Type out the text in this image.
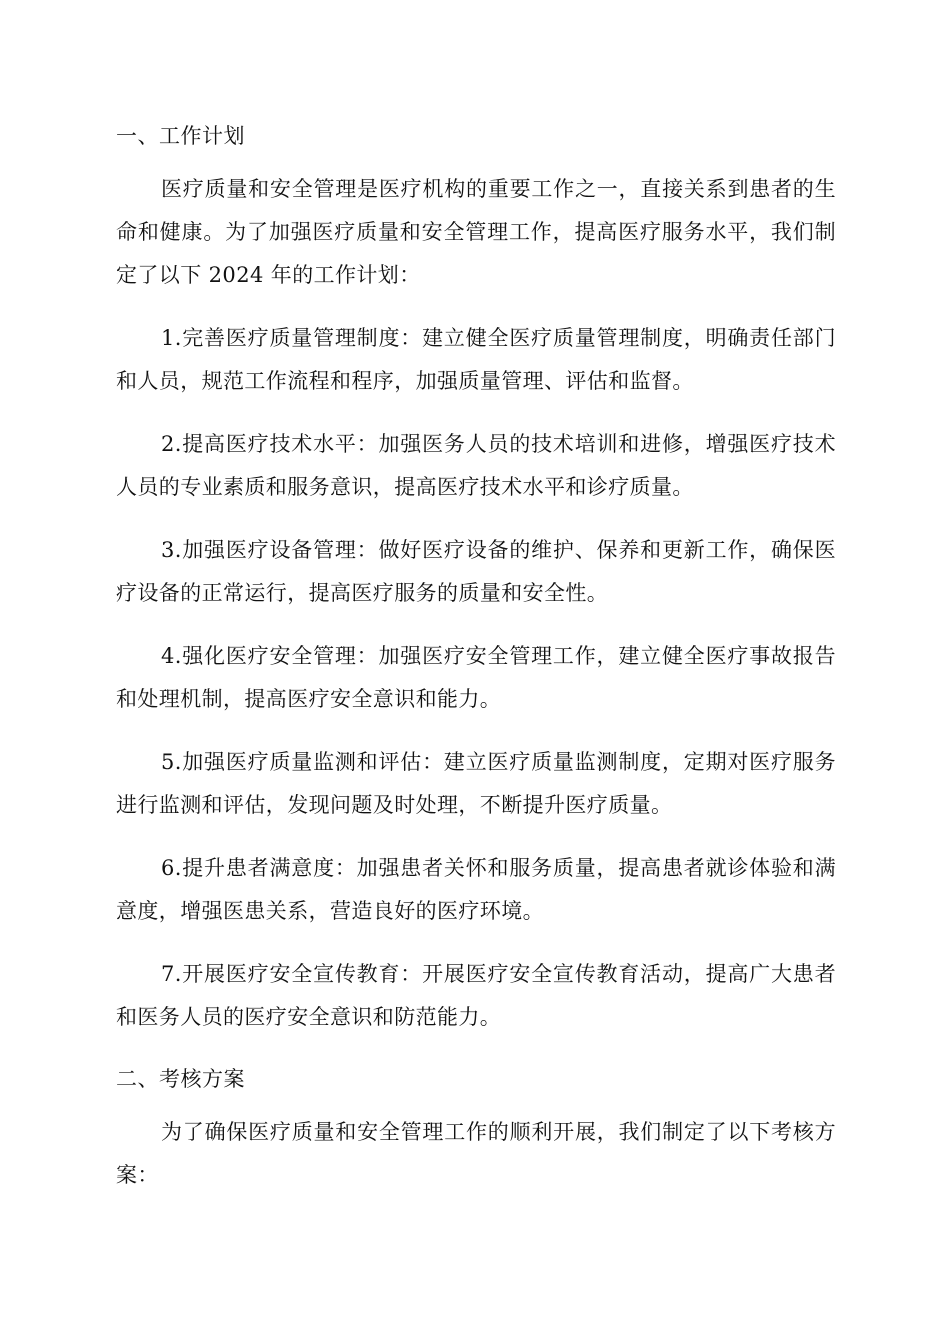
一、工作计划

医疗质量和安全管理是医疗机构的重要工作之一，直接关系到患者的生命和健康。为了加强医疗质量和安全管理工作，提高医疗服务水平，我们制定了以下 2024 年的工作计划：

1.完善医疗质量管理制度：建立健全医疗质量管理制度，明确责任部门和人员，规范工作流程和程序，加强质量管理、评估和监督。

2.提高医疗技术水平：加强医务人员的技术培训和进修，增强医疗技术人员的专业素质和服务意识，提高医疗技术水平和诊疗质量。

3.加强医疗设备管理：做好医疗设备的维护、保养和更新工作，确保医疗设备的正常运行，提高医疗服务的质量和安全性。

4.强化医疗安全管理：加强医疗安全管理工作，建立健全医疗事故报告和处理机制，提高医疗安全意识和能力。

5.加强医疗质量监测和评估：建立医疗质量监测制度，定期对医疗服务进行监测和评估，发现问题及时处理，不断提升医疗质量。

6.提升患者满意度：加强患者关怀和服务质量，提高患者就诊体验和满意度，增强医患关系，营造良好的医疗环境。

7.开展医疗安全宣传教育：开展医疗安全宣传教育活动，提高广大患者和医务人员的医疗安全意识和防范能力。

二、考核方案

为了确保医疗质量和安全管理工作的顺利开展，我们制定了以下考核方案：
